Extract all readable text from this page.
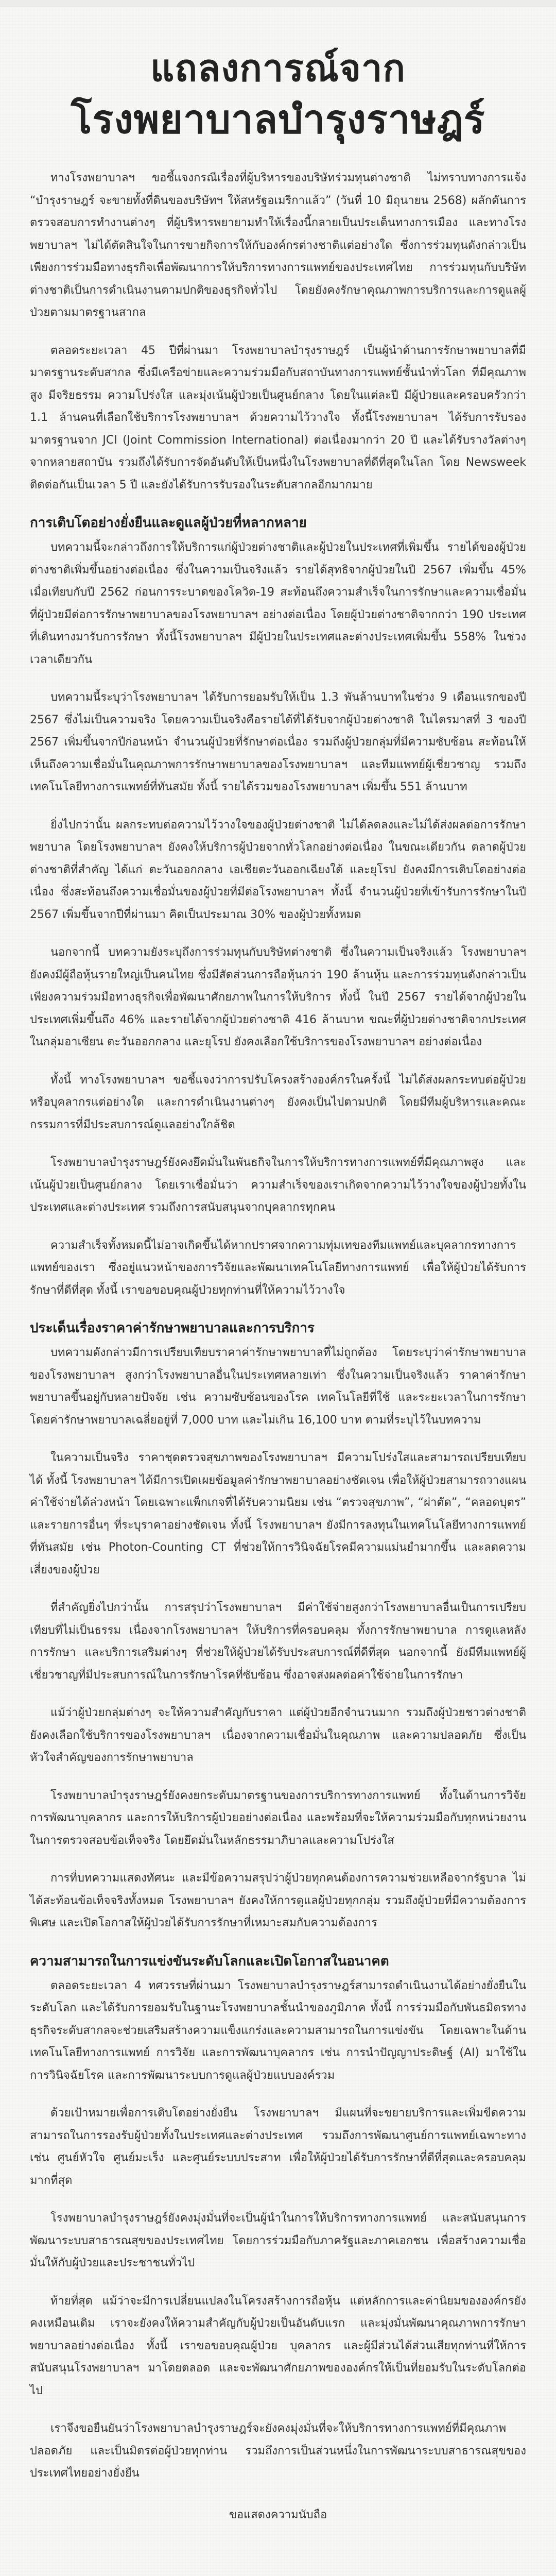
แถลงการณ์จาก
โรงพยาบาลบำรุงราษฎร์
ทางโรงพยาบาลฯ ขอชี้แจงกรณีเรื่องที่ผู้บริหารของบริษัทร่วมทุนต่างชาติ ไม่ทราบทางการแจ้ง “บำรุงราษฎร์ จะขายทั้งที่ดินของบริษัทฯ ให้สหรัฐอเมริกาแล้ว” (วันที่ 10 มิถุนายน 2568) ผลักดันการตรวจสอบการทำงานต่างๆ ที่ผู้บริหารพยายามทำให้เรื่องนี้กลายเป็นประเด็นทางการเมือง และทางโรงพยาบาลฯ ไม่ได้ตัดสินใจในการขายกิจการให้กับองค์กรต่างชาติแต่อย่างใด ซึ่งการร่วมทุนดังกล่าวเป็นเพียงการร่วมมือทางธุรกิจเพื่อพัฒนาการให้บริการทางการแพทย์ของประเทศไทย การร่วมทุนกับบริษัทต่างชาติเป็นการดำเนินงานตามปกติของธุรกิจทั่วไป โดยยังคงรักษาคุณภาพการบริการและการดูแลผู้ป่วยตามมาตรฐานสากล
ตลอดระยะเวลา 45 ปีที่ผ่านมา โรงพยาบาลบำรุงราษฎร์ เป็นผู้นำด้านการรักษาพยาบาลที่มีมาตรฐานระดับสากล ซึ่งมีเครือข่ายและความร่วมมือกับสถาบันทางการแพทย์ชั้นนำทั่วโลก ที่มีคุณภาพสูง มีจริยธรรม ความโปร่งใส และมุ่งเน้นผู้ป่วยเป็นศูนย์กลาง โดยในแต่ละปี มีผู้ป่วยและครอบครัวกว่า 1.1 ล้านคนที่เลือกใช้บริการโรงพยาบาลฯ ด้วยความไว้วางใจ ทั้งนี้โรงพยาบาลฯ ได้รับการรับรองมาตรฐานจาก JCI (Joint Commission International) ต่อเนื่องมากว่า 20 ปี และได้รับรางวัลต่างๆ จากหลายสถาบัน รวมถึงได้รับการจัดอันดับให้เป็นหนึ่งในโรงพยาบาลที่ดีที่สุดในโลก โดย Newsweek ติดต่อกันเป็นเวลา 5 ปี และยังได้รับการรับรองในระดับสากลอีกมากมาย
การเติบโตอย่างยั่งยืนและดูแลผู้ป่วยที่หลากหลาย
บทความนี้จะกล่าวถึงการให้บริการแก่ผู้ป่วยต่างชาติและผู้ป่วยในประเทศที่เพิ่มขึ้น รายได้ของผู้ป่วยต่างชาติเพิ่มขึ้นอย่างต่อเนื่อง ซึ่งในความเป็นจริงแล้ว รายได้สุทธิจากผู้ป่วยในปี 2567 เพิ่มขึ้น 45% เมื่อเทียบกับปี 2562 ก่อนการระบาดของโควิด-19 สะท้อนถึงความสำเร็จในการรักษาและความเชื่อมั่นที่ผู้ป่วยมีต่อการรักษาพยาบาลของโรงพยาบาลฯ อย่างต่อเนื่อง โดยผู้ป่วยต่างชาติจากกว่า 190 ประเทศที่เดินทางมารับการรักษา ทั้งนี้โรงพยาบาลฯ มีผู้ป่วยในประเทศและต่างประเทศเพิ่มขึ้น 558% ในช่วงเวลาเดียวกัน
บทความนี้ระบุว่าโรงพยาบาลฯ ได้รับการยอมรับให้เป็น 1.3 พันล้านบาทในช่วง 9 เดือนแรกของปี 2567 ซึ่งไม่เป็นความจริง โดยความเป็นจริงคือรายได้ที่ได้รับจากผู้ป่วยต่างชาติ ในไตรมาสที่ 3 ของปี 2567 เพิ่มขึ้นจากปีก่อนหน้า จำนวนผู้ป่วยที่รักษาต่อเนื่อง รวมถึงผู้ป่วยกลุ่มที่มีความซับซ้อน สะท้อนให้เห็นถึงความเชื่อมั่นในคุณภาพการรักษาพยาบาลของโรงพยาบาลฯ และทีมแพทย์ผู้เชี่ยวชาญ รวมถึงเทคโนโลยีทางการแพทย์ที่ทันสมัย ทั้งนี้ รายได้รวมของโรงพยาบาลฯ เพิ่มขึ้น 551 ล้านบาท
ยิ่งไปกว่านั้น ผลกระทบต่อความไว้วางใจของผู้ป่วยต่างชาติ ไม่ได้ลดลงและไม่ได้ส่งผลต่อการรักษาพยาบาล โดยโรงพยาบาลฯ ยังคงให้บริการผู้ป่วยจากทั่วโลกอย่างต่อเนื่อง ในขณะเดียวกัน ตลาดผู้ป่วยต่างชาติที่สำคัญ ได้แก่ ตะวันออกกลาง เอเชียตะวันออกเฉียงใต้ และยุโรป ยังคงมีการเติบโตอย่างต่อเนื่อง ซึ่งสะท้อนถึงความเชื่อมั่นของผู้ป่วยที่มีต่อโรงพยาบาลฯ ทั้งนี้ จำนวนผู้ป่วยที่เข้ารับการรักษาในปี 2567 เพิ่มขึ้นจากปีที่ผ่านมา คิดเป็นประมาณ 30% ของผู้ป่วยทั้งหมด
นอกจากนี้ บทความยังระบุถึงการร่วมทุนกับบริษัทต่างชาติ ซึ่งในความเป็นจริงแล้ว โรงพยาบาลฯ ยังคงมีผู้ถือหุ้นรายใหญ่เป็นคนไทย ซึ่งมีสัดส่วนการถือหุ้นกว่า 190 ล้านหุ้น และการร่วมทุนดังกล่าวเป็นเพียงความร่วมมือทางธุรกิจเพื่อพัฒนาศักยภาพในการให้บริการ ทั้งนี้ ในปี 2567 รายได้จากผู้ป่วยในประเทศเพิ่มขึ้นถึง 46% และรายได้จากผู้ป่วยต่างชาติ 416 ล้านบาท ขณะที่ผู้ป่วยต่างชาติจากประเทศในกลุ่มอาเซียน ตะวันออกกลาง และยุโรป ยังคงเลือกใช้บริการของโรงพยาบาลฯ อย่างต่อเนื่อง
ทั้งนี้ ทางโรงพยาบาลฯ ขอชี้แจงว่าการปรับโครงสร้างองค์กรในครั้งนี้ ไม่ได้ส่งผลกระทบต่อผู้ป่วยหรือบุคลากรแต่อย่างใด และการดำเนินงานต่างๆ ยังคงเป็นไปตามปกติ โดยมีทีมผู้บริหารและคณะกรรมการที่มีประสบการณ์ดูแลอย่างใกล้ชิด
โรงพยาบาลบำรุงราษฎร์ยังคงยึดมั่นในพันธกิจในการให้บริการทางการแพทย์ที่มีคุณภาพสูง และเน้นผู้ป่วยเป็นศูนย์กลาง โดยเราเชื่อมั่นว่า ความสำเร็จของเราเกิดจากความไว้วางใจของผู้ป่วยทั้งในประเทศและต่างประเทศ รวมถึงการสนับสนุนจากบุคลากรทุกคน
ความสำเร็จทั้งหมดนี้ไม่อาจเกิดขึ้นได้หากปราศจากความทุ่มเทของทีมแพทย์และบุคลากรทางการแพทย์ของเรา ซึ่งอยู่แนวหน้าของการวิจัยและพัฒนาเทคโนโลยีทางการแพทย์ เพื่อให้ผู้ป่วยได้รับการรักษาที่ดีที่สุด ทั้งนี้ เราขอขอบคุณผู้ป่วยทุกท่านที่ให้ความไว้วางใจ
ประเด็นเรื่องราคาค่ารักษาพยาบาลและการบริการ
บทความดังกล่าวมีการเปรียบเทียบราคาค่ารักษาพยาบาลที่ไม่ถูกต้อง โดยระบุว่าค่ารักษาพยาบาลของโรงพยาบาลฯ สูงกว่าโรงพยาบาลอื่นในประเทศหลายเท่า ซึ่งในความเป็นจริงแล้ว ราคาค่ารักษาพยาบาลขึ้นอยู่กับหลายปัจจัย เช่น ความซับซ้อนของโรค เทคโนโลยีที่ใช้ และระยะเวลาในการรักษา โดยค่ารักษาพยาบาลเฉลี่ยอยู่ที่ 7,000 บาท และไม่เกิน 16,100 บาท ตามที่ระบุไว้ในบทความ
ในความเป็นจริง ราคาชุดตรวจสุขภาพของโรงพยาบาลฯ มีความโปร่งใสและสามารถเปรียบเทียบได้ ทั้งนี้ โรงพยาบาลฯ ได้มีการเปิดเผยข้อมูลค่ารักษาพยาบาลอย่างชัดเจน เพื่อให้ผู้ป่วยสามารถวางแผนค่าใช้จ่ายได้ล่วงหน้า โดยเฉพาะแพ็กเกจที่ได้รับความนิยม เช่น “ตรวจสุขภาพ”, “ผ่าตัด”, “คลอดบุตร” และรายการอื่นๆ ที่ระบุราคาอย่างชัดเจน ทั้งนี้ โรงพยาบาลฯ ยังมีการลงทุนในเทคโนโลยีทางการแพทย์ที่ทันสมัย เช่น Photon-Counting CT ที่ช่วยให้การวินิจฉัยโรคมีความแม่นยำมากขึ้น และลดความเสี่ยงของผู้ป่วย
ที่สำคัญยิ่งไปกว่านั้น การสรุปว่าโรงพยาบาลฯ มีค่าใช้จ่ายสูงกว่าโรงพยาบาลอื่นเป็นการเปรียบเทียบที่ไม่เป็นธรรม เนื่องจากโรงพยาบาลฯ ให้บริการที่ครอบคลุม ทั้งการรักษาพยาบาล การดูแลหลังการรักษา และบริการเสริมต่างๆ ที่ช่วยให้ผู้ป่วยได้รับประสบการณ์ที่ดีที่สุด นอกจากนี้ ยังมีทีมแพทย์ผู้เชี่ยวชาญที่มีประสบการณ์ในการรักษาโรคที่ซับซ้อน ซึ่งอาจส่งผลต่อค่าใช้จ่ายในการรักษา
แม้ว่าผู้ป่วยกลุ่มต่างๆ จะให้ความสำคัญกับราคา แต่ผู้ป่วยอีกจำนวนมาก รวมถึงผู้ป่วยชาวต่างชาติ ยังคงเลือกใช้บริการของโรงพยาบาลฯ เนื่องจากความเชื่อมั่นในคุณภาพ และความปลอดภัย ซึ่งเป็นหัวใจสำคัญของการรักษาพยาบาล
โรงพยาบาลบำรุงราษฎร์ยังคงยกระดับมาตรฐานของการบริการทางการแพทย์ ทั้งในด้านการวิจัย การพัฒนาบุคลากร และการให้บริการผู้ป่วยอย่างต่อเนื่อง และพร้อมที่จะให้ความร่วมมือกับทุกหน่วยงานในการตรวจสอบข้อเท็จจริง โดยยึดมั่นในหลักธรรมาภิบาลและความโปร่งใส
การที่บทความแสดงทัศนะ และมีข้อความสรุปว่าผู้ป่วยทุกคนต้องการความช่วยเหลือจากรัฐบาล ไม่ได้สะท้อนข้อเท็จจริงทั้งหมด โรงพยาบาลฯ ยังคงให้การดูแลผู้ป่วยทุกกลุ่ม รวมถึงผู้ป่วยที่มีความต้องการพิเศษ และเปิดโอกาสให้ผู้ป่วยได้รับการรักษาที่เหมาะสมกับความต้องการ
ความสามารถในการแข่งขันระดับโลกและเปิดโอกาสในอนาคต
ตลอดระยะเวลา 4 ทศวรรษที่ผ่านมา โรงพยาบาลบำรุงราษฎร์สามารถดำเนินงานได้อย่างยั่งยืนในระดับโลก และได้รับการยอมรับในฐานะโรงพยาบาลชั้นนำของภูมิภาค ทั้งนี้ การร่วมมือกับพันธมิตรทางธุรกิจระดับสากลจะช่วยเสริมสร้างความแข็งแกร่งและความสามารถในการแข่งขัน โดยเฉพาะในด้านเทคโนโลยีทางการแพทย์ การวิจัย และการพัฒนาบุคลากร เช่น การนำปัญญาประดิษฐ์ (AI) มาใช้ในการวินิจฉัยโรค และการพัฒนาระบบการดูแลผู้ป่วยแบบองค์รวม
ด้วยเป้าหมายเพื่อการเติบโตอย่างยั่งยืน โรงพยาบาลฯ มีแผนที่จะขยายบริการและเพิ่มขีดความสามารถในการรองรับผู้ป่วยทั้งในประเทศและต่างประเทศ รวมถึงการพัฒนาศูนย์การแพทย์เฉพาะทาง เช่น ศูนย์หัวใจ ศูนย์มะเร็ง และศูนย์ระบบประสาท เพื่อให้ผู้ป่วยได้รับการรักษาที่ดีที่สุดและครอบคลุมมากที่สุด
โรงพยาบาลบำรุงราษฎร์ยังคงมุ่งมั่นที่จะเป็นผู้นำในการให้บริการทางการแพทย์ และสนับสนุนการพัฒนาระบบสาธารณสุขของประเทศไทย โดยการร่วมมือกับภาครัฐและภาคเอกชน เพื่อสร้างความเชื่อมั่นให้กับผู้ป่วยและประชาชนทั่วไป
ท้ายที่สุด แม้ว่าจะมีการเปลี่ยนแปลงในโครงสร้างการถือหุ้น แต่หลักการและค่านิยมขององค์กรยังคงเหมือนเดิม เราจะยังคงให้ความสำคัญกับผู้ป่วยเป็นอันดับแรก และมุ่งมั่นพัฒนาคุณภาพการรักษาพยาบาลอย่างต่อเนื่อง ทั้งนี้ เราขอขอบคุณผู้ป่วย บุคลากร และผู้มีส่วนได้ส่วนเสียทุกท่านที่ให้การสนับสนุนโรงพยาบาลฯ มาโดยตลอด และจะพัฒนาศักยภาพขององค์กรให้เป็นที่ยอมรับในระดับโลกต่อไป
เราจึงขอยืนยันว่าโรงพยาบาลบำรุงราษฎร์จะยังคงมุ่งมั่นที่จะให้บริการทางการแพทย์ที่มีคุณภาพ ปลอดภัย และเป็นมิตรต่อผู้ป่วยทุกท่าน รวมถึงการเป็นส่วนหนึ่งในการพัฒนาระบบสาธารณสุขของประเทศไทยอย่างยั่งยืน
ขอแสดงความนับถือ
